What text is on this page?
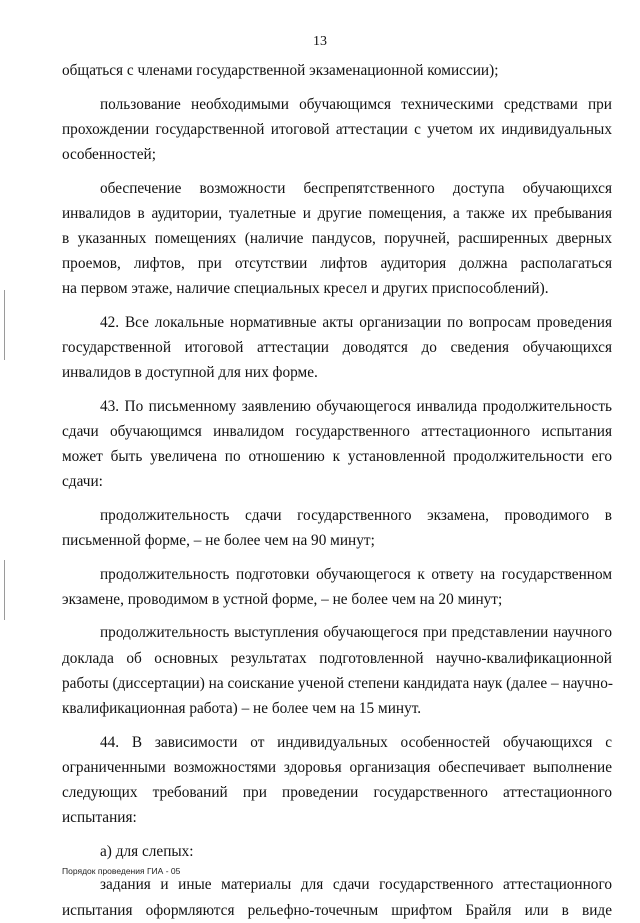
13
общаться с членами государственной экзаменационной комиссии);
пользование необходимыми обучающимся техническими средствами при
прохождении государственной итоговой аттестации с учетом их индивидуальных
особенностей;
обеспечение возможности беспрепятственного доступа обучающихся
инвалидов в аудитории, туалетные и другие помещения, а также их пребывания
в указанных помещениях (наличие пандусов, поручней, расширенных дверных
проемов, лифтов, при отсутствии лифтов аудитория должна располагаться
на первом этаже, наличие специальных кресел и других приспособлений).
42. Все локальные нормативные акты организации по вопросам проведения
государственной итоговой аттестации доводятся до сведения обучающихся
инвалидов в доступной для них форме.
43. По письменному заявлению обучающегося инвалида продолжительность
сдачи обучающимся инвалидом государственного аттестационного испытания
может быть увеличена по отношению к установленной продолжительности его
сдачи:
продолжительность сдачи государственного экзамена, проводимого в
письменной форме, – не более чем на 90 минут;
продолжительность подготовки обучающегося к ответу на государственном
экзамене, проводимом в устной форме, – не более чем на 20 минут;
продолжительность выступления обучающегося при представлении научного
доклада об основных результатах подготовленной научно-квалификационной
работы (диссертации) на соискание ученой степени кандидата наук (далее – научно-
квалификационная работа) – не более чем на 15 минут.
44. В зависимости от индивидуальных особенностей обучающихся с
ограниченными возможностями здоровья организация обеспечивает выполнение
следующих требований при проведении государственного аттестационного
испытания:
а) для слепых:
задания и иные материалы для сдачи государственного аттестационного
испытания оформляются рельефно-точечным шрифтом Брайля или в виде
Порядок проведения ГИА - 05
